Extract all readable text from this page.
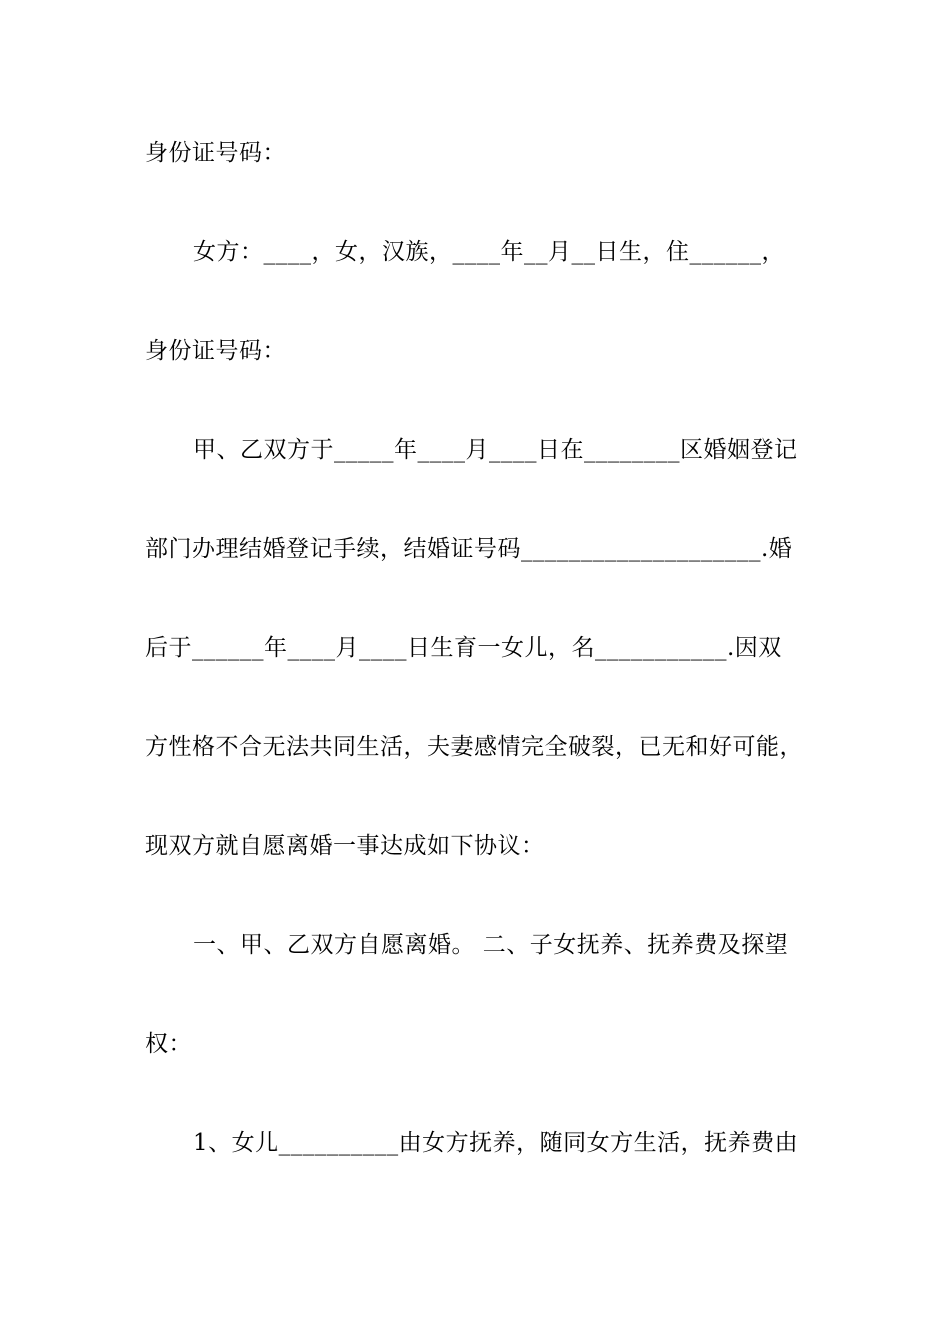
身份证号码：
女方：____，女，汉族，____年__月__日生，住______，
身份证号码：
甲、乙双方于_____年____月____日在________区婚姻登记
部门办理结婚登记手续，结婚证号码____________________.婚
后于______年____月____日生育一女儿，名___________.因双
方性格不合无法共同生活，夫妻感情完全破裂，已无和好可能，
现双方就自愿离婚一事达成如下协议：
一、甲、乙双方自愿离婚。 二、子女抚养、抚养费及探望
权：
1、女儿__________由女方抚养，随同女方生活，抚养费由
